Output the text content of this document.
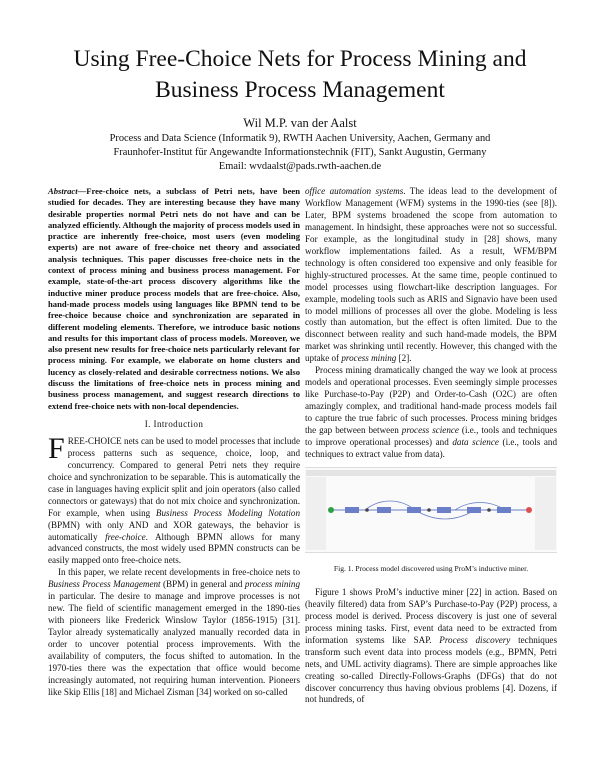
Using Free-Choice Nets for Process Mining and Business Process Management
Wil M.P. van der Aalst
Process and Data Science (Informatik 9), RWTH Aachen University, Aachen, Germany and
Fraunhofer-Institut für Angewandte Informationstechnik (FIT), Sankt Augustin, Germany
Email: wvdaalst@pads.rwth-aachen.de

Abstract—Free-choice nets, a subclass of Petri nets, have been studied for decades. They are interesting because they have many desirable properties normal Petri nets do not have and can be analyzed efficiently. Although the majority of process models used in practice are inherently free-choice, most users (even modeling experts) are not aware of free-choice net theory and associated analysis techniques. This paper discusses free-choice nets in the context of process mining and business process management. For example, state-of-the-art process discovery algorithms like the inductive miner produce process models that are free-choice. Also, hand-made process models using languages like BPMN tend to be free-choice because choice and synchronization are separated in different modeling elements. Therefore, we introduce basic notions and results for this important class of process models. Moreover, we also present new results for free-choice nets particularly relevant for process mining. For example, we elaborate on home clusters and lucency as closely-related and desirable correctness notions. We also discuss the limitations of free-choice nets in process mining and business process management, and suggest research directions to extend free-choice nets with non-local dependencies.

I. Introduction

FREE-CHOICE nets can be used to model processes that include process patterns such as sequence, choice, loop, and concurrency. Compared to general Petri nets they require choice and synchronization to be separable. This is automatically the case in languages having explicit split and join operators (also called connectors or gateways) that do not mix choice and synchronization. For example, when using Business Process Modeling Notation (BPMN) with only AND and XOR gateways, the behavior is automatically free-choice. Although BPMN allows for many advanced constructs, the most widely used BPMN constructs can be easily mapped onto free-choice nets.

In this paper, we relate recent developments in free-choice nets to Business Process Management (BPM) in general and process mining in particular. The desire to manage and improve processes is not new. The field of scientific management emerged in the 1890-ties with pioneers like Frederick Winslow Taylor (1856-1915) [31]. Taylor already systematically analyzed manually recorded data in order to uncover potential process improvements. With the availability of computers, the focus shifted to automation. In the 1970-ties there was the expectation that office would become increasingly automated, not requiring human intervention. Pioneers like Skip Ellis [18] and Michael Zisman [34] worked on so-called

office automation systems. The ideas lead to the development of Workflow Management (WFM) systems in the 1990-ties (see [8]). Later, BPM systems broadened the scope from automation to management. In hindsight, these approaches were not so successful. For example, as the longitudinal study in [28] shows, many workflow implementations failed. As a result, WFM/BPM technology is often considered too expensive and only feasible for highly-structured processes. At the same time, people continued to model processes using flowchart-like description languages. For example, modeling tools such as ARIS and Signavio have been used to model millions of processes all over the globe. Modeling is less costly than automation, but the effect is often limited. Due to the disconnect between reality and such hand-made models, the BPM market was shrinking until recently. However, this changed with the uptake of process mining [2].

Process mining dramatically changed the way we look at process models and operational processes. Even seemingly simple processes like Purchase-to-Pay (P2P) and Order-to-Cash (O2C) are often amazingly complex, and traditional hand-made process models fail to capture the true fabric of such processes. Process mining bridges the gap between between process science (i.e., tools and techniques to improve operational processes) and data science (i.e., tools and techniques to extract value from data).

Fig. 1. Process model discovered using ProM’s inductive miner.

Figure 1 shows ProM’s inductive miner [22] in action. Based on (heavily filtered) data from SAP’s Purchase-to-Pay (P2P) process, a process model is derived. Process discovery is just one of several process mining tasks. First, event data need to be extracted from information systems like SAP. Process discovery techniques transform such event data into process models (e.g., BPMN, Petri nets, and UML activity diagrams). There are simple approaches like creating so-called Directly-Follows-Graphs (DFGs) that do not discover concurrency thus having obvious problems [4]. Dozens, if not hundreds, of
